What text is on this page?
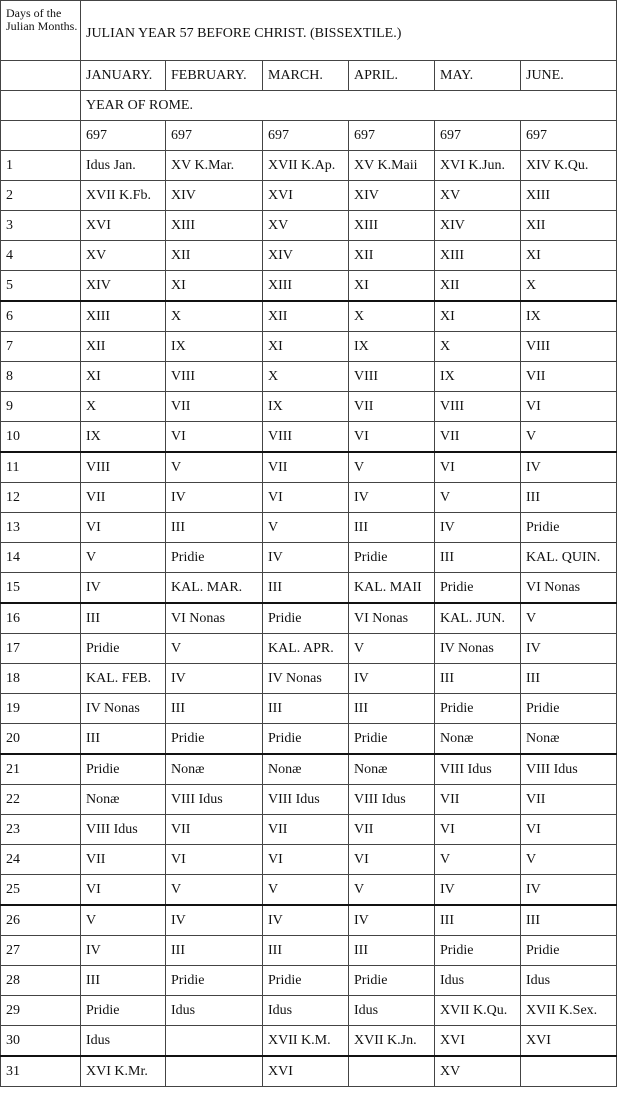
Days of the Julian Months.	JULIAN YEAR 57 BEFORE CHRIST. (BISSEXTILE.)					
	JANUARY.	FEBRUARY.	MARCH.	APRIL.	MAY.	JUNE.
	YEAR OF ROME.					
	697	697	697	697	697	697
1	Idus Jan.	XV K.Mar.	XVII K.Ap.	XV K.Maii	XVI K.Jun.	XIV K.Qu.
2	XVII K.Fb.	XIV	XVI	XIV	XV	XIII
3	XVI	XIII	XV	XIII	XIV	XII
4	XV	XII	XIV	XII	XIII	XI
5	XIV	XI	XIII	XI	XII	X
6	XIII	X	XII	X	XI	IX
7	XII	IX	XI	IX	X	VIII
8	XI	VIII	X	VIII	IX	VII
9	X	VII	IX	VII	VIII	VI
10	IX	VI	VIII	VI	VII	V
11	VIII	V	VII	V	VI	IV
12	VII	IV	VI	IV	V	III
13	VI	III	V	III	IV	Pridie
14	V	Pridie	IV	Pridie	III	KAL. QUIN.
15	IV	KAL. MAR.	III	KAL. MAII	Pridie	VI Nonas
16	III	VI Nonas	Pridie	VI Nonas	KAL. JUN.	V
17	Pridie	V	KAL. APR.	V	IV Nonas	IV
18	KAL. FEB.	IV	IV Nonas	IV	III	III
19	IV Nonas	III	III	III	Pridie	Pridie
20	III	Pridie	Pridie	Pridie	Nonæ	Nonæ
21	Pridie	Nonæ	Nonæ	Nonæ	VIII Idus	VIII Idus
22	Nonæ	VIII Idus	VIII Idus	VIII Idus	VII	VII
23	VIII Idus	VII	VII	VII	VI	VI
24	VII	VI	VI	VI	V	V
25	VI	V	V	V	IV	IV
26	V	IV	IV	IV	III	III
27	IV	III	III	III	Pridie	Pridie
28	III	Pridie	Pridie	Pridie	Idus	Idus
29	Pridie	Idus	Idus	Idus	XVII K.Qu.	XVII K.Sex.
30	Idus		XVII K.M.	XVII K.Jn.	XVI	XVI
31	XVI K.Mr.		XVI		XV	
